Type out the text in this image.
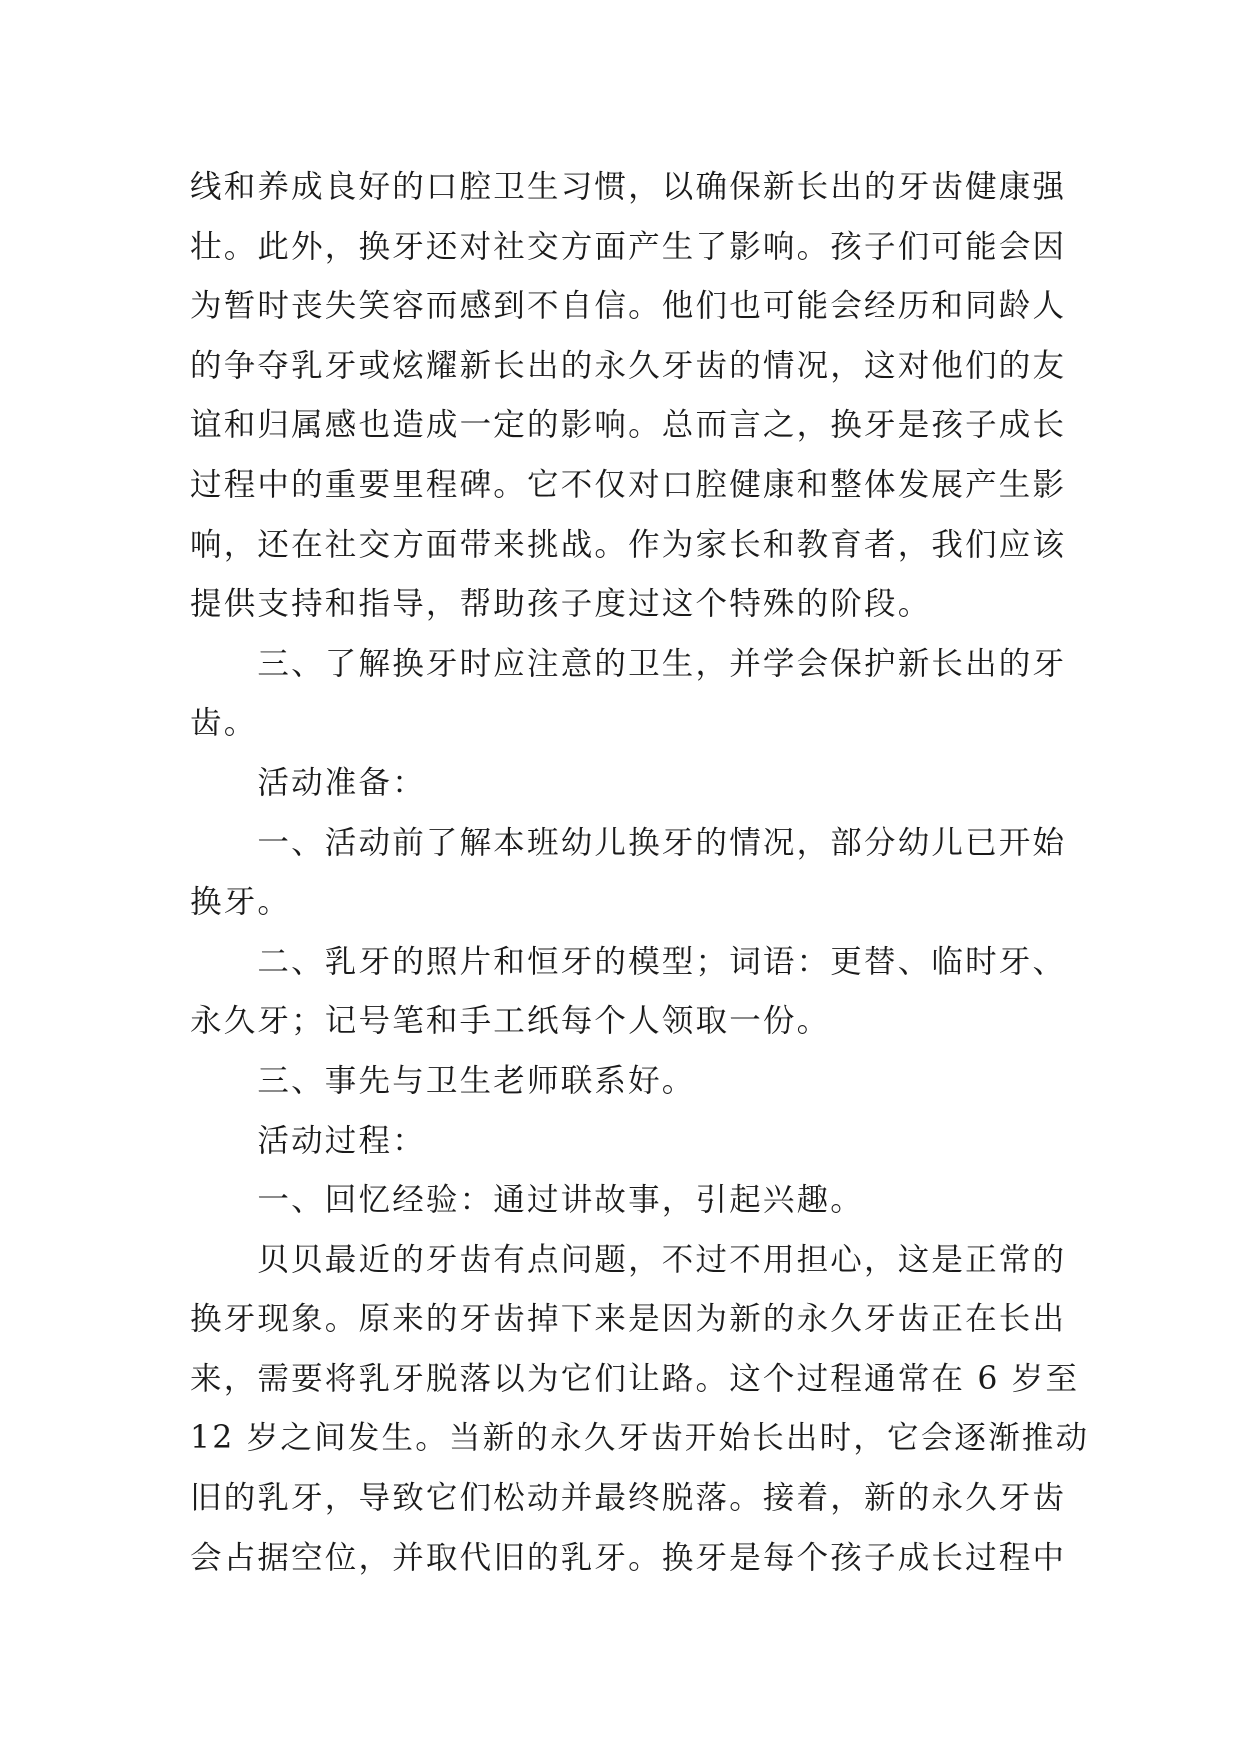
线和养成良好的口腔卫生习惯，以确保新长出的牙齿健康强
壮。此外，换牙还对社交方面产生了影响。孩子们可能会因
为暂时丧失笑容而感到不自信。他们也可能会经历和同龄人
的争夺乳牙或炫耀新长出的永久牙齿的情况，这对他们的友
谊和归属感也造成一定的影响。总而言之，换牙是孩子成长
过程中的重要里程碑。它不仅对口腔健康和整体发展产生影
响，还在社交方面带来挑战。作为家长和教育者，我们应该
提供支持和指导，帮助孩子度过这个特殊的阶段。
　　三、了解换牙时应注意的卫生，并学会保护新长出的牙
齿。
　　活动准备：
　　一、活动前了解本班幼儿换牙的情况，部分幼儿已开始
换牙。
　　二、乳牙的照片和恒牙的模型；词语：更替、临时牙、
永久牙；记号笔和手工纸每个人领取一份。
　　三、事先与卫生老师联系好。
　　活动过程：
　　一、回忆经验：通过讲故事，引起兴趣。
　　贝贝最近的牙齿有点问题，不过不用担心，这是正常的
换牙现象。原来的牙齿掉下来是因为新的永久牙齿正在长出
来，需要将乳牙脱落以为它们让路。这个过程通常在 6 岁至
12 岁之间发生。当新的永久牙齿开始长出时，它会逐渐推动
旧的乳牙，导致它们松动并最终脱落。接着，新的永久牙齿
会占据空位，并取代旧的乳牙。换牙是每个孩子成长过程中
